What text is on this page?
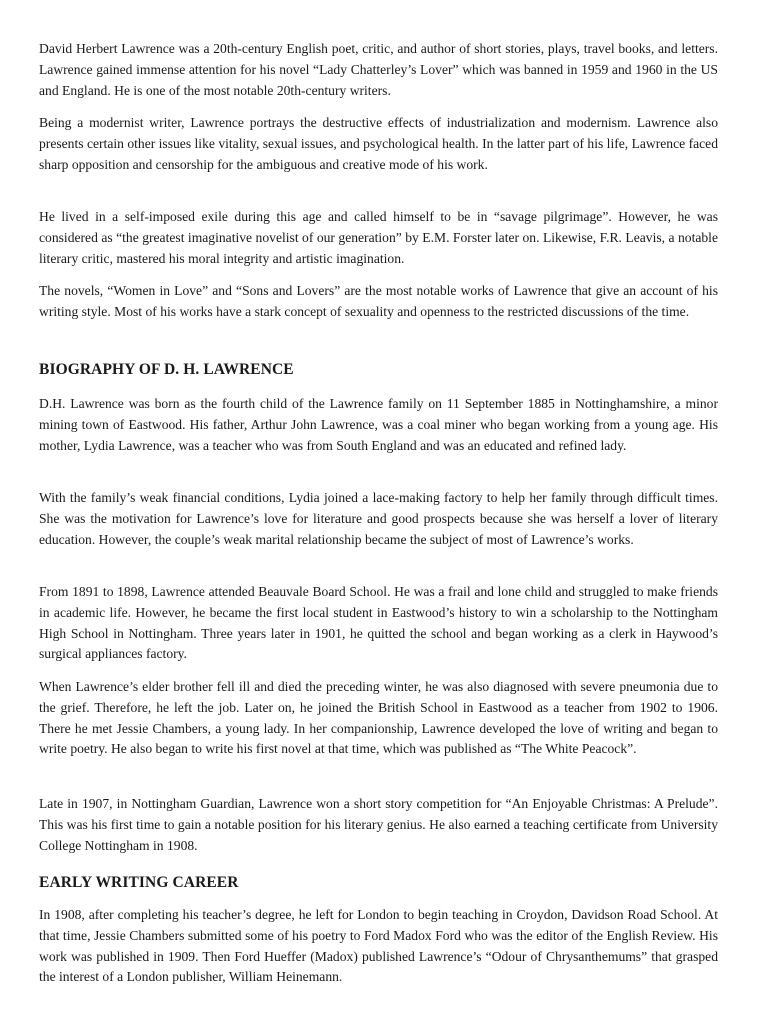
David Herbert Lawrence was a 20th-century English poet, critic, and author of short stories, plays, travel books, and letters. Lawrence gained immense attention for his novel “Lady Chatterley’s Lover” which was banned in 1959 and 1960 in the US and England. He is one of the most notable 20th-century writers.

Being a modernist writer, Lawrence portrays the destructive effects of industrialization and modernism. Lawrence also presents certain other issues like vitality, sexual issues, and psychological health. In the latter part of his life, Lawrence faced sharp opposition and censorship for the ambiguous and creative mode of his work.

He lived in a self-imposed exile during this age and called himself to be in “savage pilgrimage”. However, he was considered as “the greatest imaginative novelist of our generation” by E.M. Forster later on. Likewise, F.R. Leavis, a notable literary critic, mastered his moral integrity and artistic imagination.

The novels, “Women in Love” and “Sons and Lovers” are the most notable works of Lawrence that give an account of his writing style. Most of his works have a stark concept of sexuality and openness to the restricted discussions of the time.

BIOGRAPHY OF D. H. LAWRENCE

D.H. Lawrence was born as the fourth child of the Lawrence family on 11 September 1885 in Nottinghamshire, a minor mining town of Eastwood. His father, Arthur John Lawrence, was a coal miner who began working from a young age. His mother, Lydia Lawrence, was a teacher who was from South England and was an educated and refined lady.

With the family’s weak financial conditions, Lydia joined a lace-making factory to help her family through difficult times. She was the motivation for Lawrence’s love for literature and good prospects because she was herself a lover of literary education. However, the couple’s weak marital relationship became the subject of most of Lawrence’s works.

From 1891 to 1898, Lawrence attended Beauvale Board School. He was a frail and lone child and struggled to make friends in academic life. However, he became the first local student in Eastwood’s history to win a scholarship to the Nottingham High School in Nottingham. Three years later in 1901, he quitted the school and began working as a clerk in Haywood’s surgical appliances factory.

When Lawrence’s elder brother fell ill and died the preceding winter, he was also diagnosed with severe pneumonia due to the grief. Therefore, he left the job. Later on, he joined the British School in Eastwood as a teacher from 1902 to 1906. There he met Jessie Chambers, a young lady. In her companionship, Lawrence developed the love of writing and began to write poetry. He also began to write his first novel at that time, which was published as “The White Peacock”.

Late in 1907, in Nottingham Guardian, Lawrence won a short story competition for “An Enjoyable Christmas: A Prelude”. This was his first time to gain a notable position for his literary genius. He also earned a teaching certificate from University College Nottingham in 1908.

EARLY WRITING CAREER

In 1908, after completing his teacher’s degree, he left for London to begin teaching in Croydon, Davidson Road School. At that time, Jessie Chambers submitted some of his poetry to Ford Madox Ford who was the editor of the English Review. His work was published in 1909. Then Ford Hueffer (Madox) published Lawrence’s “Odour of Chrysanthemums” that grasped the interest of a London publisher, William Heinemann.
